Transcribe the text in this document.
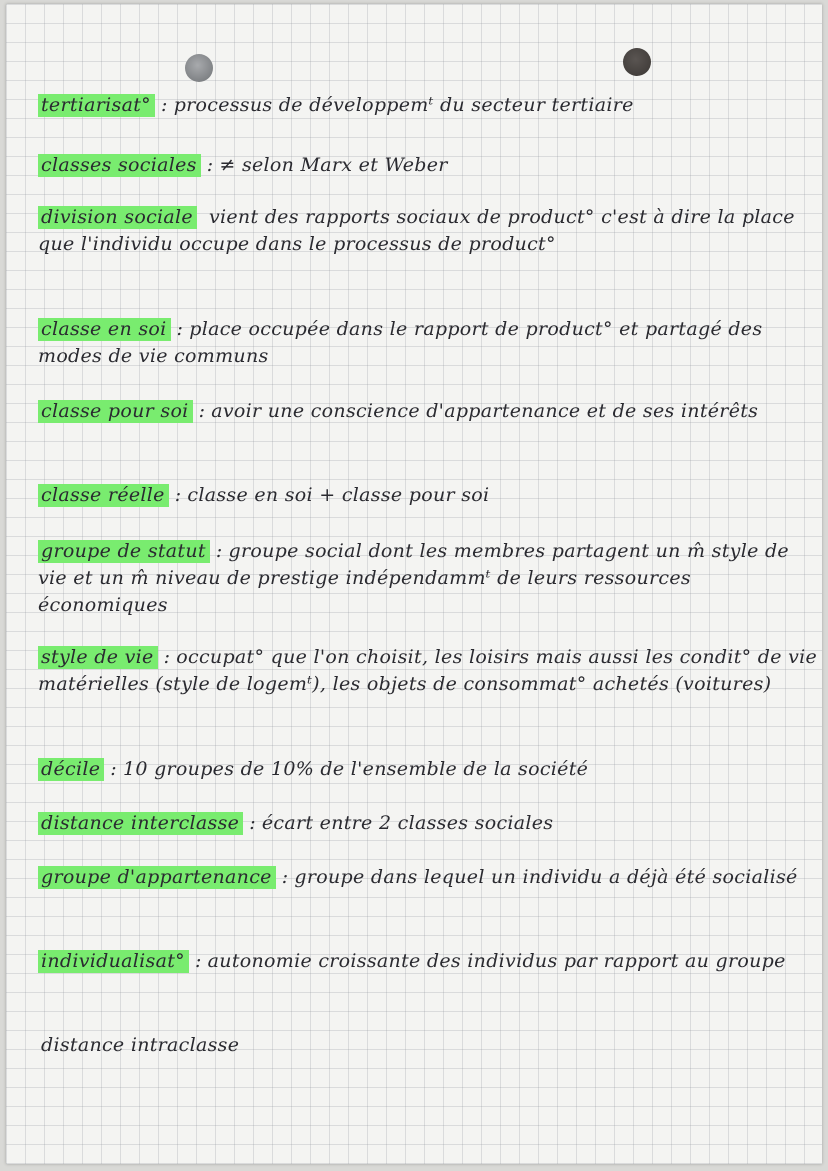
tertiarisat° : processus de développemᵗ du secteur tertiaire
classes sociales : ≠ selon Marx et Weber
division sociale vient des rapports sociaux de product° c'est à dire la place que l'individu occupe dans le processus de product°
classe en soi : place occupée dans le rapport de product° et partagé des modes de vie communs
classe pour soi : avoir une conscience d'appartenance et de ses intérêts
classe réelle : classe en soi + classe pour soi
groupe de statut : groupe social dont les membres partagent un m̂ style de vie et un m̂ niveau de prestige indépendammᵗ de leurs ressources économiques
style de vie : occupat° que l'on choisit, les loisirs mais aussi les condit° de vie matérielles (style de logemᵗ), les objets de consommat° achetés (voitures)
décile : 10 groupes de 10% de l'ensemble de la société
distance interclasse : écart entre 2 classes sociales
groupe d'appartenance : groupe dans lequel un individu a déjà été socialisé
individualisat° : autonomie croissante des individus par rapport au groupe
distance intraclasse
